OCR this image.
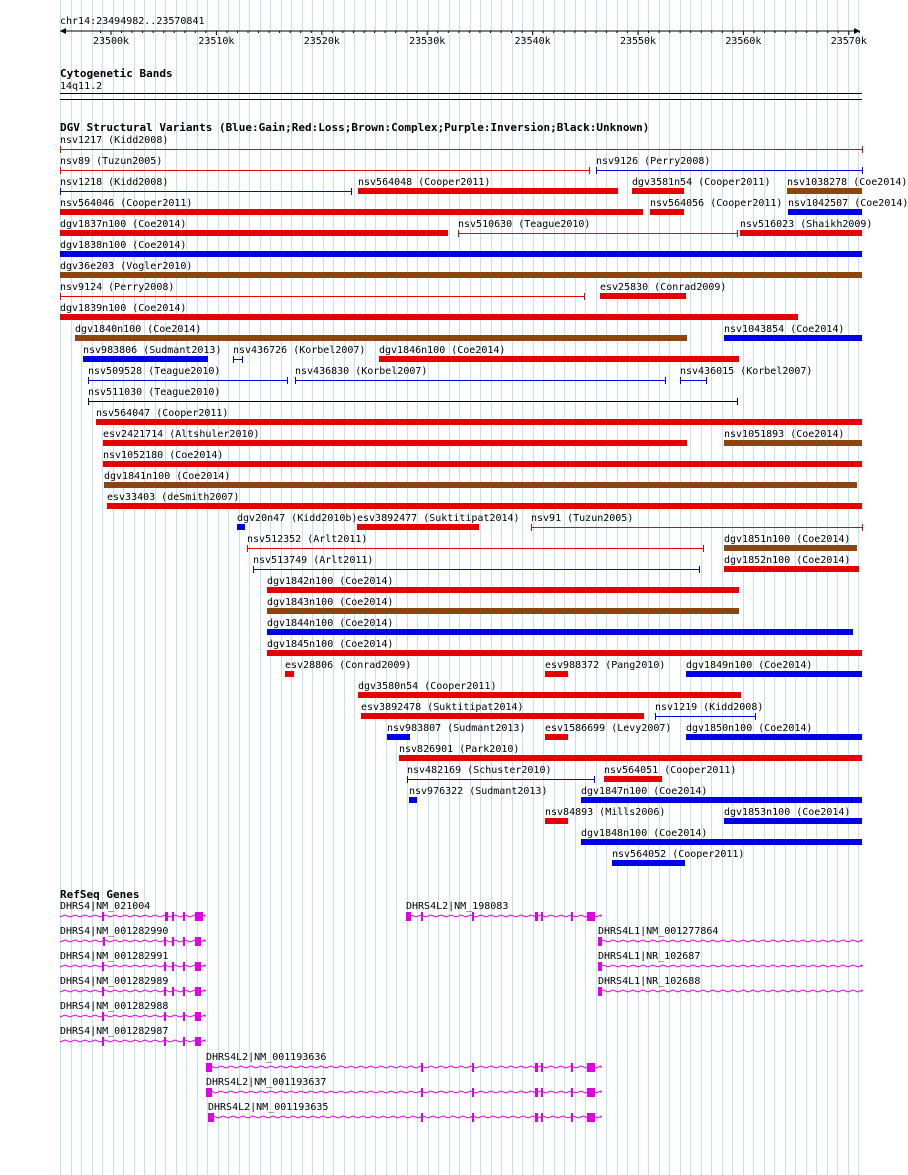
chr14:23494982..23570841
23500k	23510k	23520k	23530k	23540k	23550k	23560k	23570k
Cytogenetic Bands
14q11.2
DGV Structural Variants (Blue:Gain;Red:Loss;Brown:Complex;Purple:Inversion;Black:Unknown)
nsv1217 (Kidd2008)
nsv89 (Tuzun2005)	nsv9126 (Perry2008)
nsv1218 (Kidd2008)	nsv564048 (Cooper2011)	dgv3581n54 (Cooper2011) nsv1038278 (Coe2014)
nsv564046 (Cooper2011)	nsv564056 (Cooper2011) nsv1042507 (Coe2014)
dgv1837n100 (Coe2014)	nsv510630 (Teague2010)	nsv516023 (Shaikh2009)
dgv1838n100 (Coe2014)
dgv36e203 (Vogler2010)
nsv9124 (Perry2008)	esv25830 (Conrad2009)
dgv1839n100 (Coe2014)
dgv1840n100 (Coe2014)	nsv1043854 (Coe2014)
nsv983806 (Sudmant2013) nsv436726 (Korbel2007) dgv1846n100 (Coe2014)
nsv509528 (Teague2010)	nsv436830 (Korbel2007)	nsv436015 (Korbel2007)
nsv511030 (Teague2010)
nsv564047 (Cooper2011)
esv2421714 (Altshuler2010)	nsv1051893 (Coe2014)
nsv1052180 (Coe2014)
dgv1841n100 (Coe2014)
esv33403 (deSmith2007)
dgv20n47 (Kidd2010b) esv3892477 (Suktitipat2014) nsv91 (Tuzun2005)
nsv512352 (Arlt2011)	dgv1851n100 (Coe2014)
nsv513749 (Arlt2011)	dgv1852n100 (Coe2014)
dgv1842n100 (Coe2014)
dgv1843n100 (Coe2014)
dgv1844n100 (Coe2014)
dgv1845n100 (Coe2014)
esv28806 (Conrad2009)	esv988372 (Pang2010) dgv1849n100 (Coe2014)
dgv3580n54 (Cooper2011)
esv3892478 (Suktitipat2014)	nsv1219 (Kidd2008)
nsv983807 (Sudmant2013) esv1586699 (Levy2007) dgv1850n100 (Coe2014)
nsv826901 (Park2010)
nsv482169 (Schuster2010)	nsv564051 (Cooper2011)
nsv976322 (Sudmant2013)	dgv1847n100 (Coe2014)
nsv84893 (Mills2006)	dgv1853n100 (Coe2014)
dgv1848n100 (Coe2014)
nsv564052 (Cooper2011)
RefSeq Genes
DHRS4|NM_021004	DHRS4L2|NM_198083
DHRS4|NM_001282990	DHRS4L1|NM_001277864
DHRS4|NM_001282991	DHRS4L1|NR_102687
DHRS4|NM_001282989	DHRS4L1|NR_102688
DHRS4|NM_001282988
DHRS4|NM_001282987
DHRS4L2|NM_001193636
DHRS4L2|NM_001193637
DHRS4L2|NM_001193635
